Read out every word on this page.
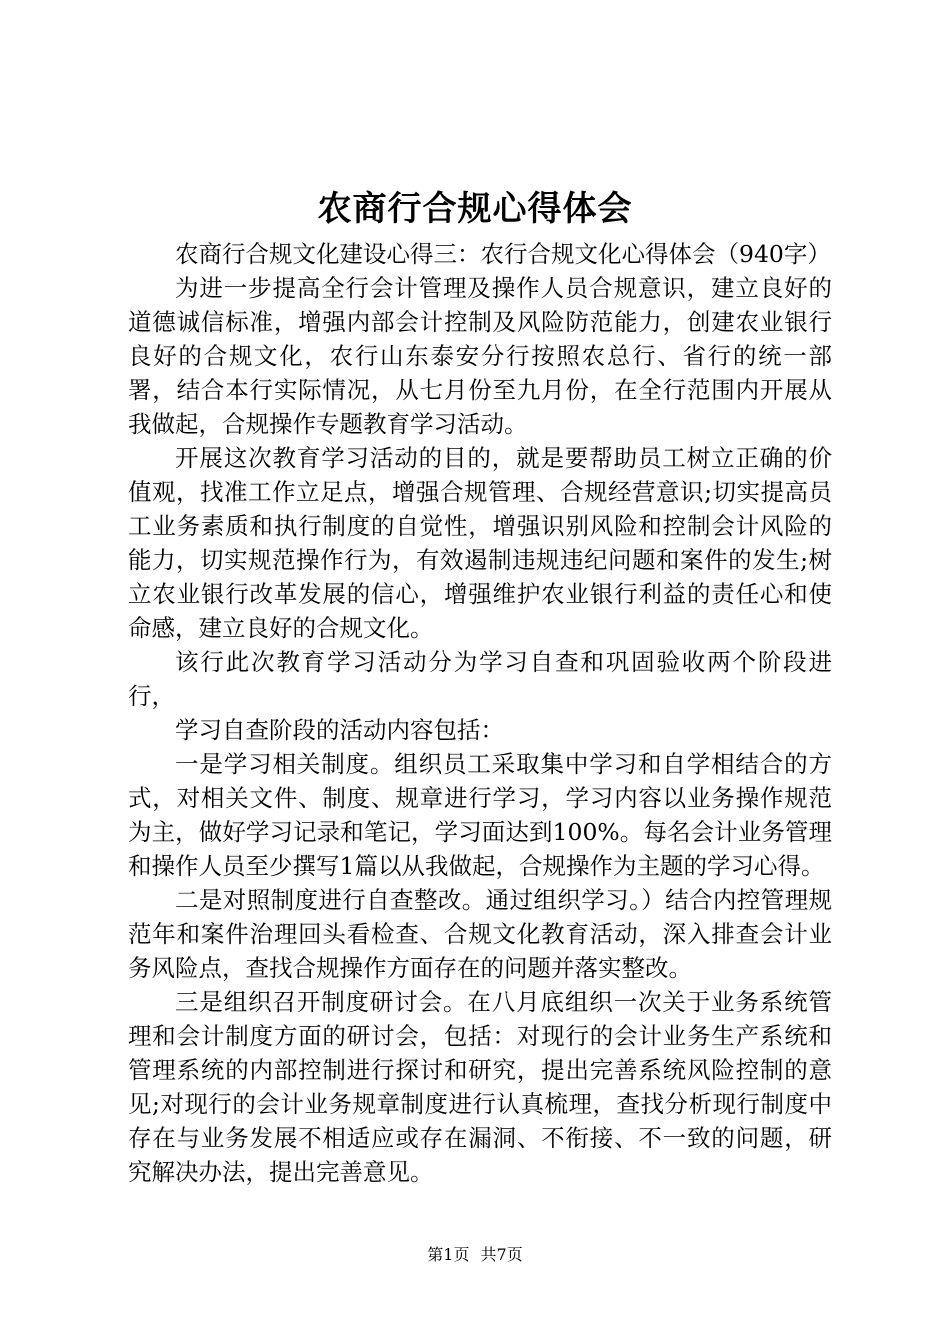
农商行合规心得体会

农商行合规文化建设心得三：农行合规文化心得体会（940字）

为进一步提高全行会计管理及操作人员合规意识，建立良好的道德诚信标准，增强内部会计控制及风险防范能力，创建农业银行良好的合规文化，农行山东泰安分行按照农总行、省行的统一部署，结合本行实际情况，从七月份至九月份，在全行范围内开展从我做起，合规操作专题教育学习活动。

开展这次教育学习活动的目的，就是要帮助员工树立正确的价值观，找准工作立足点，增强合规管理、合规经营意识;切实提高员工业务素质和执行制度的自觉性，增强识别风险和控制会计风险的能力，切实规范操作行为，有效遏制违规违纪问题和案件的发生;树立农业银行改革发展的信心，增强维护农业银行利益的责任心和使命感，建立良好的合规文化。

该行此次教育学习活动分为学习自查和巩固验收两个阶段进行，

学习自查阶段的活动内容包括：

一是学习相关制度。组织员工采取集中学习和自学相结合的方式，对相关文件、制度、规章进行学习，学习内容以业务操作规范为主，做好学习记录和笔记，学习面达到100%。每名会计业务管理和操作人员至少撰写1篇以从我做起，合规操作为主题的学习心得。

二是对照制度进行自查整改。通过组织学习。）结合内控管理规范年和案件治理回头看检查、合规文化教育活动，深入排查会计业务风险点，查找合规操作方面存在的问题并落实整改。

三是组织召开制度研讨会。在八月底组织一次关于业务系统管理和会计制度方面的研讨会，包括：对现行的会计业务生产系统和管理系统的内部控制进行探讨和研究，提出完善系统风险控制的意见;对现行的会计业务规章制度进行认真梳理，查找分析现行制度中存在与业务发展不相适应或存在漏洞、不衔接、不一致的问题，研究解决办法，提出完善意见。

第1页 共7页
